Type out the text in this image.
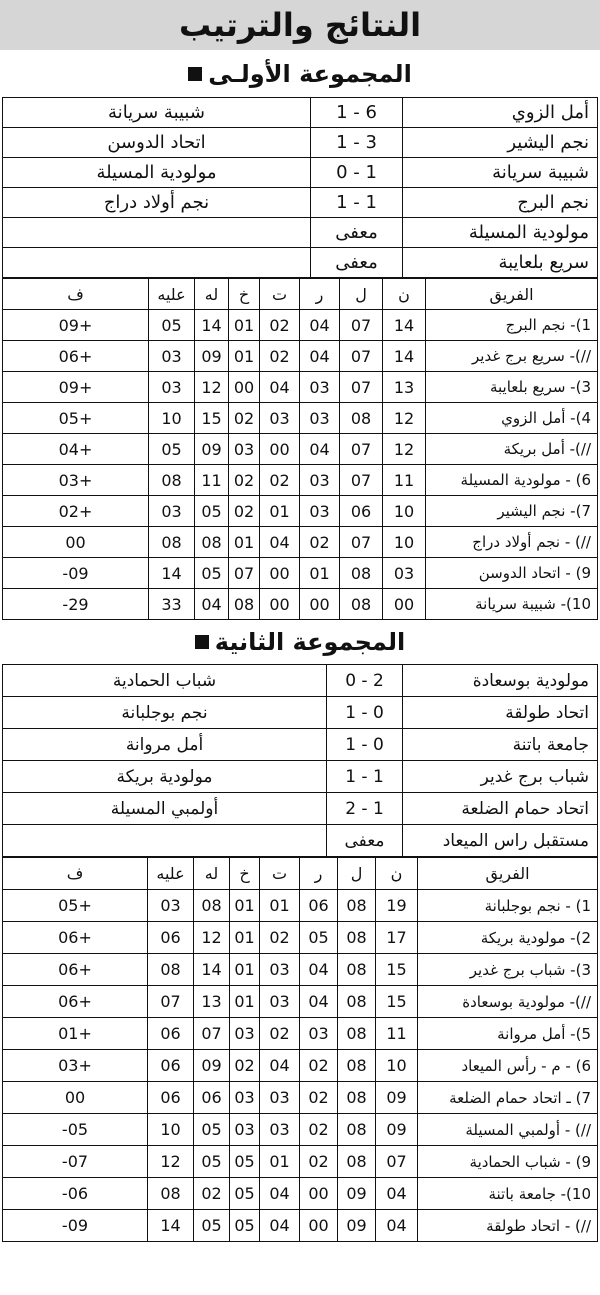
النتائج والترتيب
المجموعة الأولـى
أمل الزوي	6 - 1	شبيبة سريانة
نجم اليشير	3 - 1	اتحاد الدوسن
شبيبة سريانة	1 - 0	مولودية المسيلة
نجم البرج	1 - 1	نجم أولاد دراج
مولودية المسيلة	معفى	
سريع بلعايبة	معفى	
الفريق	ن	ل	ر	ت	خ	له	عليه	ف
1)- نجم البرج	14	07	04	02	01	14	05	+09
//)- سريع برج غدير	14	07	04	02	01	09	03	+06
3)- سريع بلعايبة	13	07	03	04	00	12	03	+09
4)- أمل الزوي	12	08	03	03	02	15	10	+05
//)- أمل بريكة	12	07	04	00	03	09	05	+04
6) - مولودية المسيلة	11	07	03	02	02	11	08	+03
7)- نجم اليشير	10	06	03	01	02	05	03	+02
//) - نجم أولاد دراج	10	07	02	04	01	08	08	00
9) - اتحاد الدوسن	03	08	01	00	07	05	14	09-
10)- شبيبة سريانة	00	08	00	00	08	04	33	29-
المجموعة الثانية
مولودية بوسعادة	2 - 0	شباب الحمادية
اتحاد طولقة	0 - 1	نجم بوجلبانة
جامعة باتنة	0 - 1	أمل مروانة
شباب برج غدير	1 - 1	مولودية بريكة
اتحاد حمام الضلعة	1 - 2	أولمبي المسيلة
مستقبل راس الميعاد	معفى	
الفريق	ن	ل	ر	ت	خ	له	عليه	ف
1) - نجم بوجلبانة	19	08	06	01	01	08	03	+05
2)- مولودية بريكة	17	08	05	02	01	12	06	+06
3)- شباب برج غدير	15	08	04	03	01	14	08	+06
//)- مولودية بوسعادة	15	08	04	03	01	13	07	+06
5)- أمل مروانة	11	08	03	02	03	07	06	+01
6) - م - رأس الميعاد	10	08	02	04	02	09	06	+03
7) ـ اتحاد حمام الضلعة	09	08	02	03	03	06	06	00
//) - أولمبي المسيلة	09	08	02	03	03	05	10	05-
9) - شباب الحمادية	07	08	02	01	05	05	12	07-
10)- جامعة باتنة	04	09	00	04	05	02	08	06-
//) - اتحاد طولقة	04	09	00	04	05	05	14	09-
